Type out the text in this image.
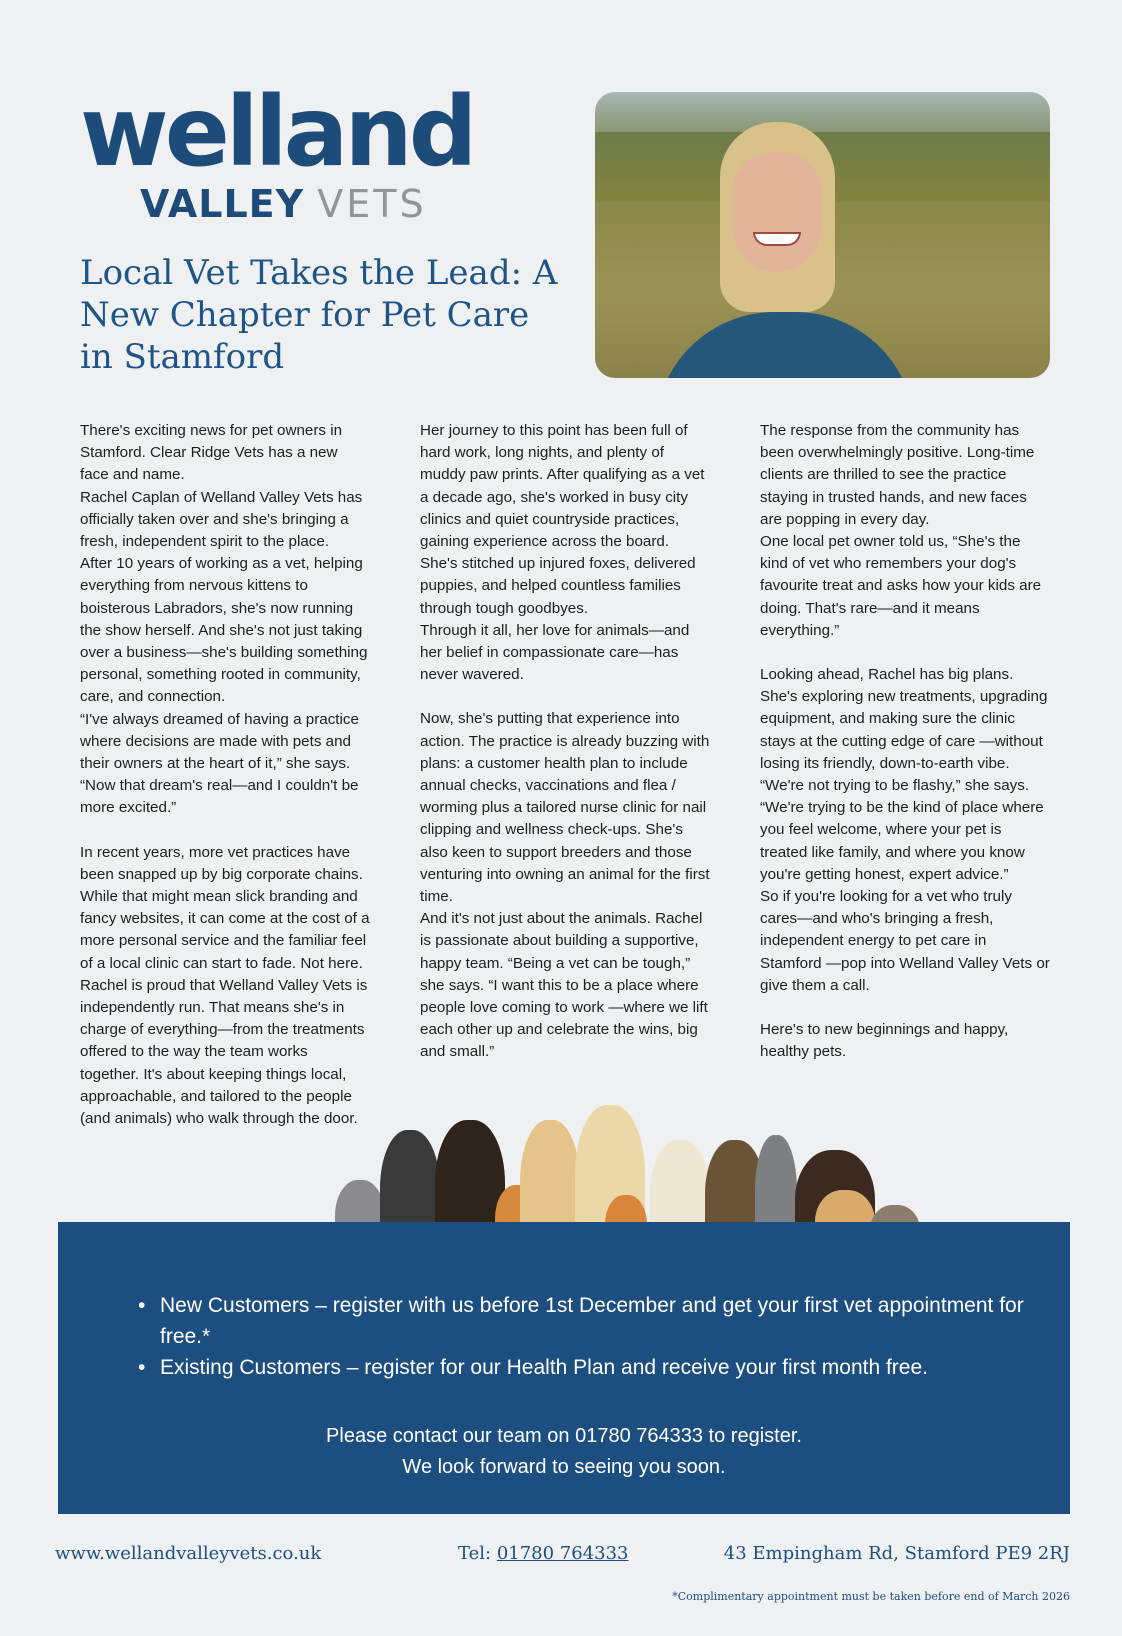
welland
VALLEY VETS
Local Vet Takes the Lead: A New Chapter for Pet Care in Stamford

There's exciting news for pet owners in Stamford. Clear Ridge Vets has a new face and name.

Rachel Caplan of Welland Valley Vets has officially taken over and she's bringing a fresh, independent spirit to the place.

After 10 years of working as a vet, helping everything from nervous kittens to boisterous Labradors, she's now running the show herself. And she's not just taking over a business—she's building something personal, something rooted in community, care, and connection.

“I've always dreamed of having a practice where decisions are made with pets and their owners at the heart of it,” she says. “Now that dream's real—and I couldn't be more excited.”

In recent years, more vet practices have been snapped up by big corporate chains. While that might mean slick branding and fancy websites, it can come at the cost of a more personal service and the familiar feel of a local clinic can start to fade. Not here.

Rachel is proud that Welland Valley Vets is independently run. That means she's in charge of everything—from the treatments offered to the way the team works together. It's about keeping things local, approachable, and tailored to the people (and animals) who walk through the door.

Her journey to this point has been full of hard work, long nights, and plenty of muddy paw prints. After qualifying as a vet a decade ago, she's worked in busy city clinics and quiet countryside practices, gaining experience across the board. She's stitched up injured foxes, delivered puppies, and helped countless families through tough goodbyes.

Through it all, her love for animals—and her belief in compassionate care—has never wavered.

Now, she's putting that experience into action. The practice is already buzzing with plans: a customer health plan to include annual checks, vaccinations and flea / worming plus a tailored nurse clinic for nail clipping and wellness check-ups. She's also keen to support breeders and those venturing into owning an animal for the first time.

And it's not just about the animals. Rachel is passionate about building a supportive, happy team. “Being a vet can be tough,” she says. “I want this to be a place where people love coming to work —where we lift each other up and celebrate the wins, big and small.”

The response from the community has been overwhelmingly positive. Long-time clients are thrilled to see the practice staying in trusted hands, and new faces are popping in every day.

One local pet owner told us, “She's the kind of vet who remembers your dog's favourite treat and asks how your kids are doing. That's rare—and it means everything.”

Looking ahead, Rachel has big plans. She's exploring new treatments, upgrading equipment, and making sure the clinic stays at the cutting edge of care —without losing its friendly, down-to-earth vibe. “We're not trying to be flashy,” she says. “We're trying to be the kind of place where you feel welcome, where your pet is treated like family, and where you know you're getting honest, expert advice.”

So if you're looking for a vet who truly cares—and who's bringing a fresh, independent energy to pet care in Stamford —pop into Welland Valley Vets or give them a call.

Here's to new beginnings and happy, healthy pets.

• New Customers – register with us before 1st December and get your first vet appointment for free.*
• Existing Customers – register for our Health Plan and receive your first month free.
Please contact our team on 01780 764333 to register.
We look forward to seeing you soon.
www.wellandvalleyvets.co.uk	Tel: 01780 764333	43 Empingham Rd, Stamford PE9 2RJ
*Complimentary appointment must be taken before end of March 2026
